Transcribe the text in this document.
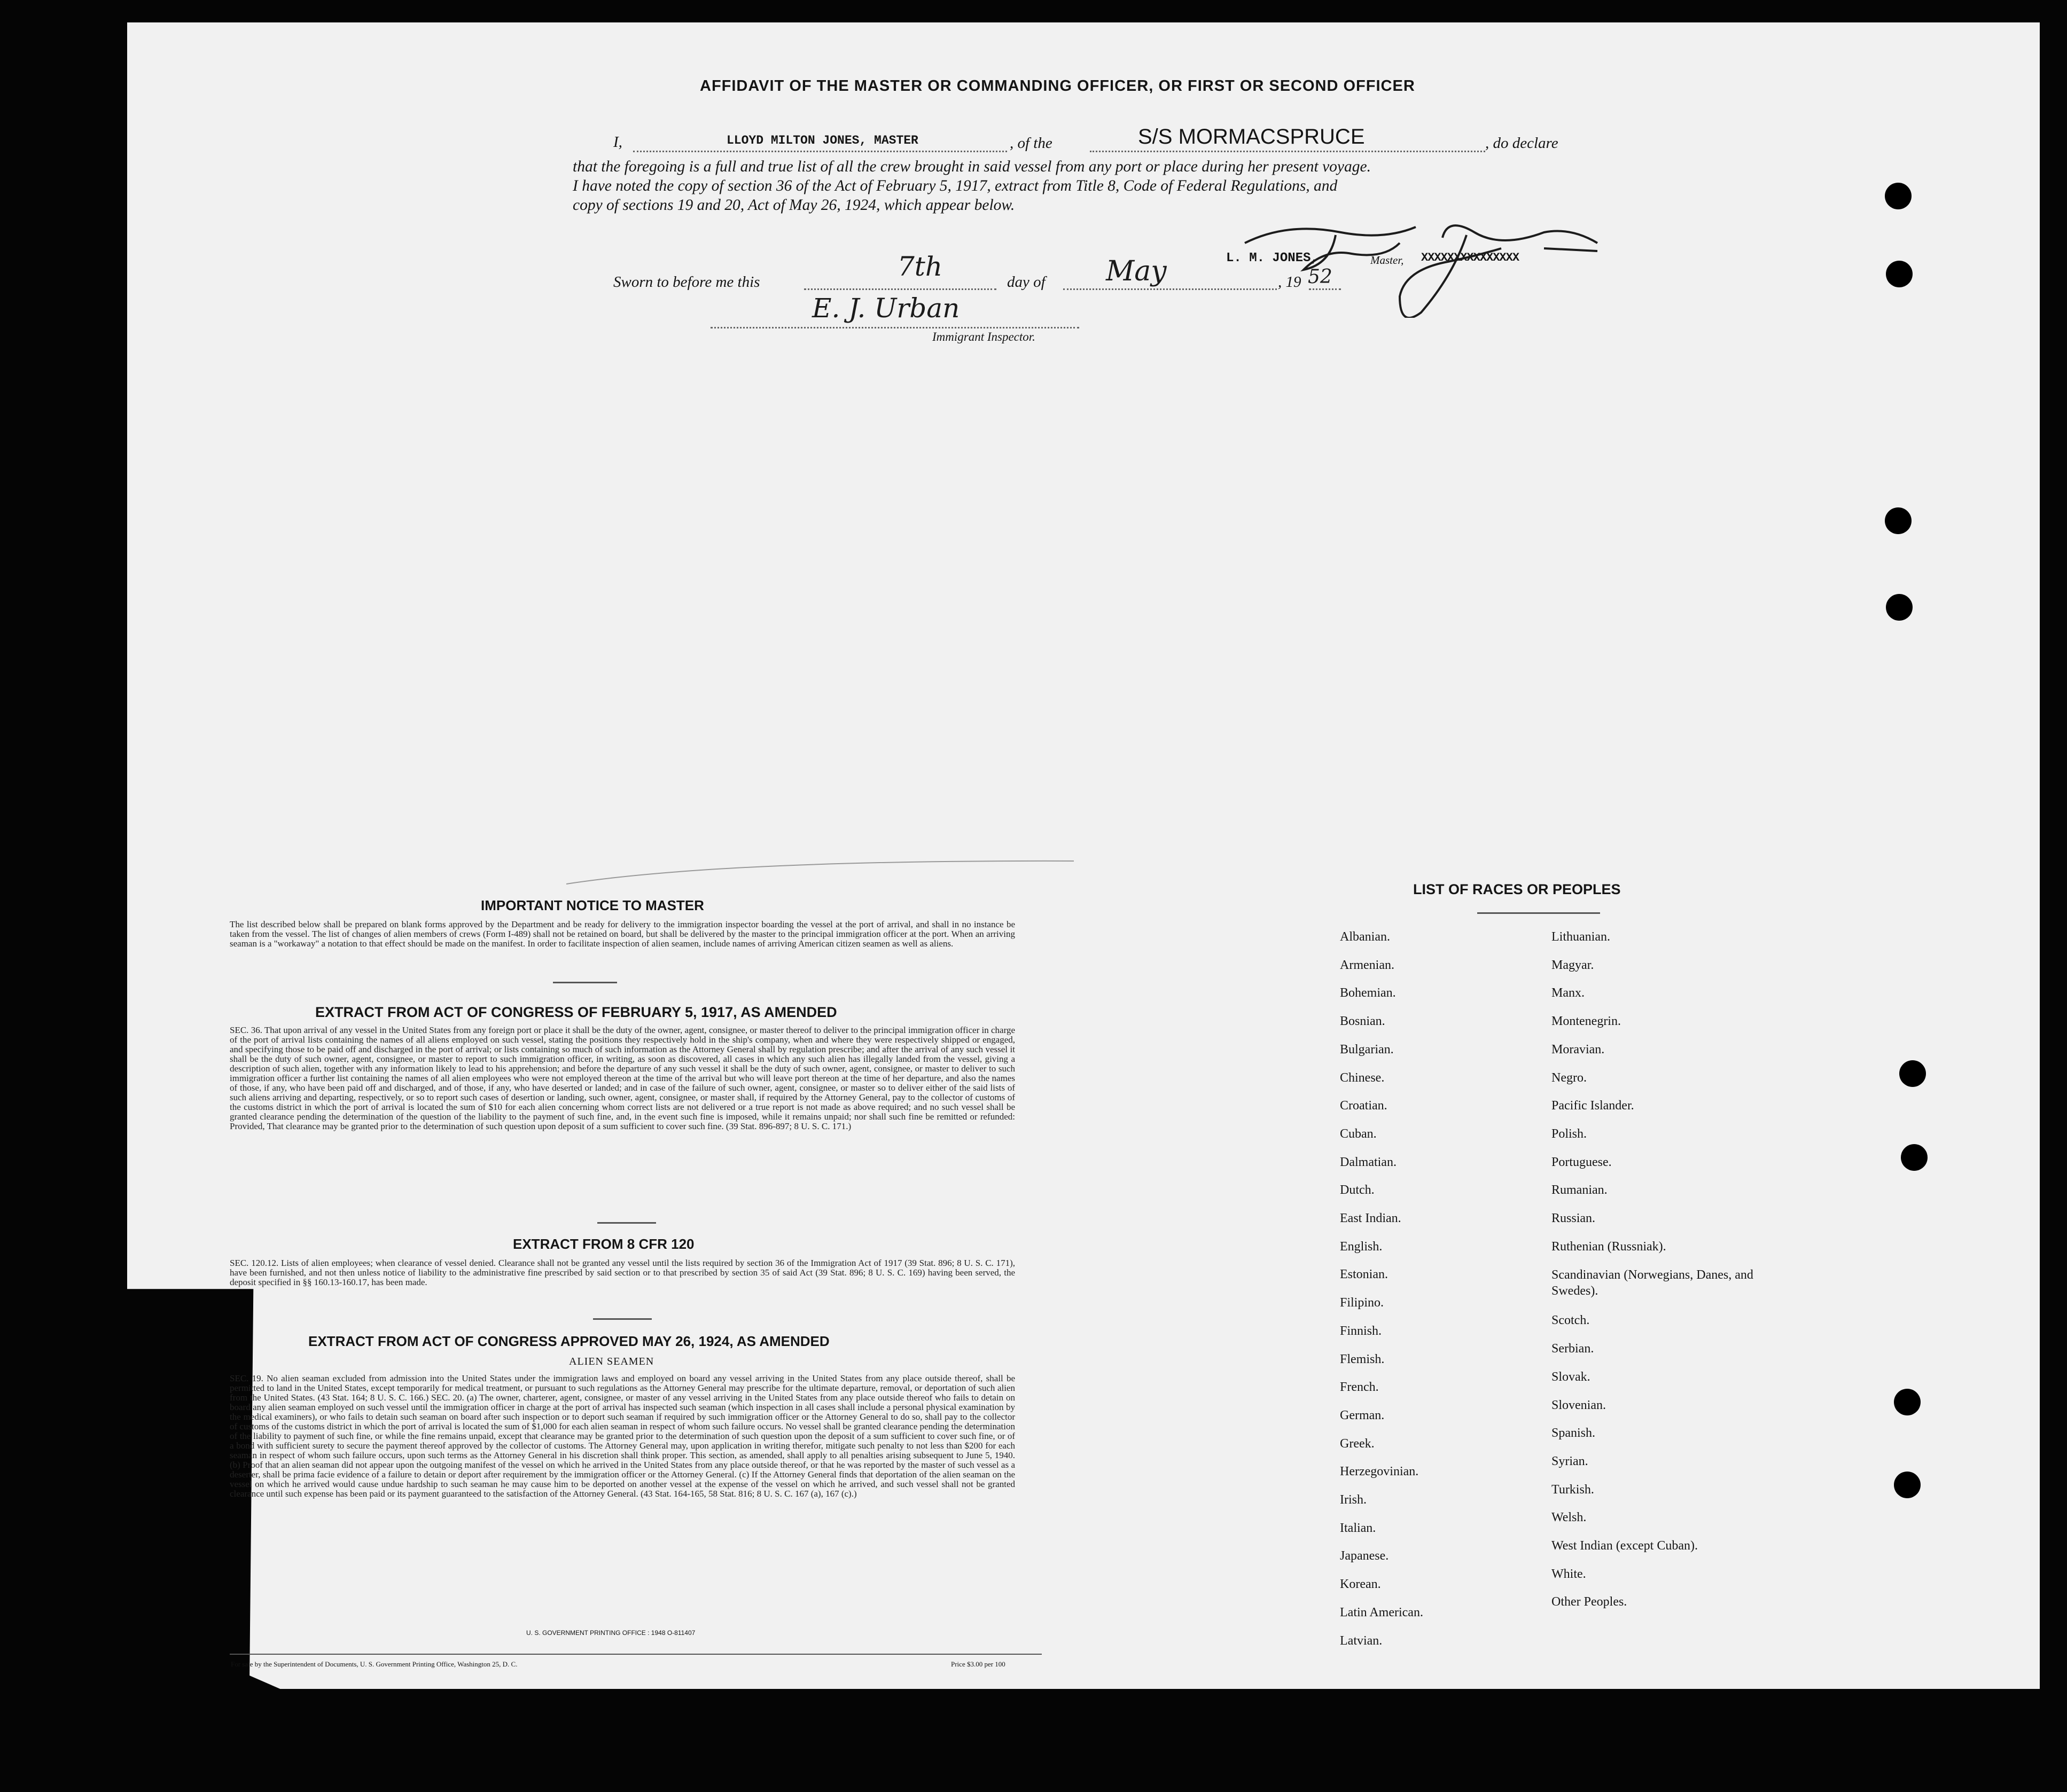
AFFIDAVIT OF THE MASTER OR COMMANDING OFFICER, OR FIRST OR SECOND OFFICER
I,	LLOYD MILTON JONES, MASTER	, of the	S/S MORMACSPRUCE	, do declare
that the foregoing is a full and true list of all the crew brought in said vessel from any port or place during her present voyage.
I have noted the copy of section 36 of the Act of February 5, 1917, extract from Title 8, Code of Federal Regulations, and
copy of sections 19 and 20, Act of May 26, 1924, which appear below.
Sworn to before me this	7th	day of May	, 19 52
L. M. JONES,	Master, XXXXXXXXXXXXXXX
E. J. Urban
Immigrant Inspector.
IMPORTANT NOTICE TO MASTER

The list described below shall be prepared on blank forms approved by the Department and be ready for delivery to the immigration inspector boarding the vessel at the port of arrival, and shall in no instance be taken from the vessel. The list of changes of alien members of crews (Form I-489) shall not be retained on board, but shall be delivered by the master to the principal immigration officer at the port. When an arriving seaman is a "workaway" a notation to that effect should be made on the manifest. In order to facilitate inspection of alien seamen, include names of arriving American citizen seamen as well as aliens.

EXTRACT FROM ACT OF CONGRESS OF FEBRUARY 5, 1917, AS AMENDED

SEC. 36. That upon arrival of any vessel in the United States from any foreign port or place it shall be the duty of the owner, agent, consignee, or master thereof to deliver to the principal immigration officer in charge of the port of arrival lists containing the names of all aliens employed on such vessel, stating the positions they respectively hold in the ship's company, when and where they were respectively shipped or engaged, and specifying those to be paid off and discharged in the port of arrival; or lists containing so much of such information as the Attorney General shall by regulation prescribe; and after the arrival of any such vessel it shall be the duty of such owner, agent, consignee, or master to report to such immigration officer, in writing, as soon as discovered, all cases in which any such alien has illegally landed from the vessel, giving a description of such alien, together with any information likely to lead to his apprehension; and before the departure of any such vessel it shall be the duty of such owner, agent, consignee, or master to deliver to such immigration officer a further list containing the names of all alien employees who were not employed thereon at the time of the arrival but who will leave port thereon at the time of her departure, and also the names of those, if any, who have been paid off and discharged, and of those, if any, who have deserted or landed; and in case of the failure of such owner, agent, consignee, or master so to deliver either of the said lists of such aliens arriving and departing, respectively, or so to report such cases of desertion or landing, such owner, agent, consignee, or master shall, if required by the Attorney General, pay to the collector of customs of the customs district in which the port of arrival is located the sum of $10 for each alien concerning whom correct lists are not delivered or a true report is not made as above required; and no such vessel shall be granted clearance pending the determination of the question of the liability to the payment of such fine, and, in the event such fine is imposed, while it remains unpaid; nor shall such fine be remitted or refunded: Provided, That clearance may be granted prior to the determination of such question upon deposit of a sum sufficient to cover such fine. (39 Stat. 896-897; 8 U. S. C. 171.)

EXTRACT FROM 8 CFR 120

SEC. 120.12. Lists of alien employees; when clearance of vessel denied. Clearance shall not be granted any vessel until the lists required by section 36 of the Immigration Act of 1917 (39 Stat. 896; 8 U. S. C. 171), have been furnished, and not then unless notice of liability to the administrative fine prescribed by said section or to that prescribed by section 35 of said Act (39 Stat. 896; 8 U. S. C. 169) having been served, the deposit specified in §§ 160.13-160.17, has been made.

EXTRACT FROM ACT OF CONGRESS APPROVED MAY 26, 1924, AS AMENDED
ALIEN SEAMEN

SEC. 19. No alien seaman excluded from admission into the United States under the immigration laws and employed on board any vessel arriving in the United States from any place outside thereof, shall be permitted to land in the United States, except temporarily for medical treatment, or pursuant to such regulations as the Attorney General may prescribe for the ultimate departure, removal, or deportation of such alien from the United States. (43 Stat. 164; 8 U. S. C. 166.) SEC. 20. (a) The owner, charterer, agent, consignee, or master of any vessel arriving in the United States from any place outside thereof who fails to detain on board any alien seaman employed on such vessel until the immigration officer in charge at the port of arrival has inspected such seaman (which inspection in all cases shall include a personal physical examination by the medical examiners), or who fails to detain such seaman on board after such inspection or to deport such seaman if required by such immigration officer or the Attorney General to do so, shall pay to the collector of customs of the customs district in which the port of arrival is located the sum of $1,000 for each alien seaman in respect of whom such failure occurs. No vessel shall be granted clearance pending the determination of the liability to payment of such fine, or while the fine remains unpaid, except that clearance may be granted prior to the determination of such question upon the deposit of a sum sufficient to cover such fine, or of a bond with sufficient surety to secure the payment thereof approved by the collector of customs. The Attorney General may, upon application in writing therefor, mitigate such penalty to not less than $200 for each seaman in respect of whom such failure occurs, upon such terms as the Attorney General in his discretion shall think proper. This section, as amended, shall apply to all penalties arising subsequent to June 5, 1940. (b) Proof that an alien seaman did not appear upon the outgoing manifest of the vessel on which he arrived in the United States from any place outside thereof, or that he was reported by the master of such vessel as a deserter, shall be prima facie evidence of a failure to detain or deport after requirement by the immigration officer or the Attorney General. (c) If the Attorney General finds that deportation of the alien seaman on the vessel on which he arrived would cause undue hardship to such seaman he may cause him to be deported on another vessel at the expense of the vessel on which he arrived, and such vessel shall not be granted clearance until such expense has been paid or its payment guaranteed to the satisfaction of the Attorney General. (43 Stat. 164-165, 58 Stat. 816; 8 U. S. C. 167 (a), 167 (c).)

U. S. GOVERNMENT PRINTING OFFICE : 1948 O-811407
For sale by the Superintendent of Documents, U. S. Government Printing Office, Washington 25, D. C.	Price $3.00 per 100
LIST OF RACES OR PEOPLES
Albanian.
Armenian.
Bohemian.
Bosnian.
Bulgarian.
Chinese.
Croatian.
Cuban.
Dalmatian.
Dutch.
East Indian.
English.
Estonian.
Filipino.
Finnish.
Flemish.
French.
German.
Greek.
Herzegovinian.
Irish.
Italian.
Japanese.
Korean.
Latin American.
Latvian.
Lithuanian.
Magyar.
Manx.
Montenegrin.
Moravian.
Negro.
Pacific Islander.
Polish.
Portuguese.
Rumanian.
Russian.
Ruthenian (Russniak).
Scandinavian (Norwegians, Danes, and Swedes).
Scotch.
Serbian.
Slovak.
Slovenian.
Spanish.
Syrian.
Turkish.
Welsh.
West Indian (except Cuban).
White.
Other Peoples.
